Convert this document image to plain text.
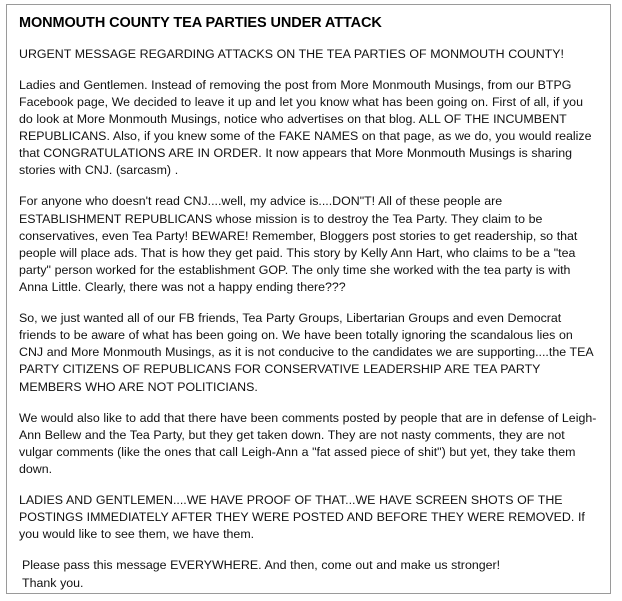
MONMOUTH COUNTY TEA PARTIES UNDER ATTACK

URGENT MESSAGE REGARDING ATTACKS ON THE TEA PARTIES OF MONMOUTH COUNTY!

Ladies and Gentlemen. Instead of removing the post from More Monmouth Musings, from our BTPG Facebook page, We decided to leave it up and let you know what has been going on. First of all, if you do look at More Monmouth Musings, notice who advertises on that blog. ALL OF THE INCUMBENT REPUBLICANS. Also, if you knew some of the FAKE NAMES on that page, as we do, you would realize that CONGRATULATIONS ARE IN ORDER. It now appears that More Monmouth Musings is sharing stories with CNJ. (sarcasm) .

For anyone who doesn't read CNJ....well, my advice is....DON"T! All of these people are ESTABLISHMENT REPUBLICANS whose mission is to destroy the Tea Party. They claim to be conservatives, even Tea Party! BEWARE! Remember, Bloggers post stories to get readership, so that people will place ads. That is how they get paid. This story by Kelly Ann Hart, who claims to be a "tea party" person worked for the establishment GOP. The only time she worked with the tea party is with Anna Little. Clearly, there was not a happy ending there???

So, we just wanted all of our FB friends, Tea Party Groups, Libertarian Groups and even Democrat friends to be aware of what has been going on. We have been totally ignoring the scandalous lies on CNJ and More Monmouth Musings, as it is not conducive to the candidates we are supporting....the TEA PARTY CITIZENS OF REPUBLICANS FOR CONSERVATIVE LEADERSHIP ARE TEA PARTY MEMBERS WHO ARE NOT POLITICIANS.

We would also like to add that there have been comments posted by people that are in defense of Leigh-Ann Bellew and the Tea Party, but they get taken down. They are not nasty comments, they are not vulgar comments (like the ones that call Leigh-Ann a "fat assed piece of shit") but yet, they take them down.

LADIES AND GENTLEMEN....WE HAVE PROOF OF THAT...WE HAVE SCREEN SHOTS OF THE POSTINGS IMMEDIATELY AFTER THEY WERE POSTED AND BEFORE THEY WERE REMOVED. If you would like to see them, we have them.

Please pass this message EVERYWHERE. And then, come out and make us stronger!

Thank you.
